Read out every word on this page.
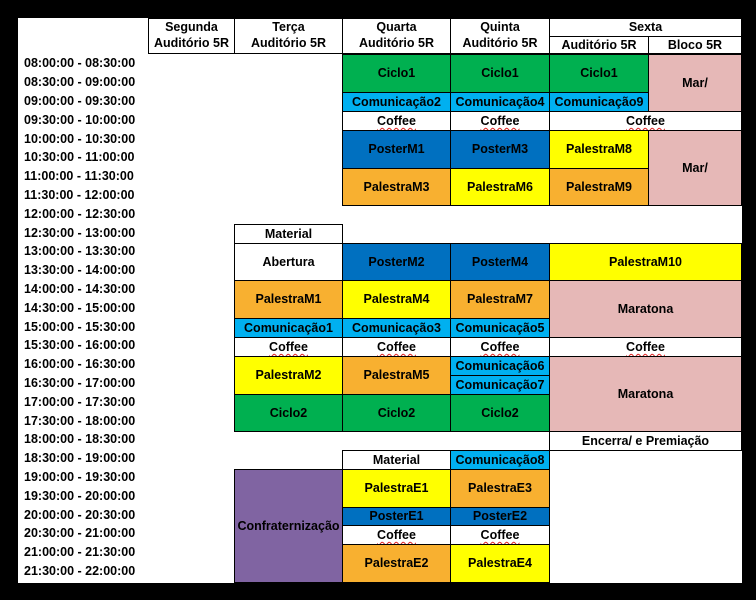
Segunda
Auditório 5R
Terça
Auditório 5R
Quarta
Auditório 5R
Quinta
Auditório 5R
Sexta
Auditório 5R	Bloco 5R
08:00:00 - 08:30:00
08:30:00 - 09:00:00
09:00:00 - 09:30:00
09:30:00 - 10:00:00
10:00:00 - 10:30:00
10:30:00 - 11:00:00
11:00:00 - 11:30:00
11:30:00 - 12:00:00
12:00:00 - 12:30:00
12:30:00 - 13:00:00
13:00:00 - 13:30:00
13:30:00 - 14:00:00
14:00:00 - 14:30:00
14:30:00 - 15:00:00
15:00:00 - 15:30:00
15:30:00 - 16:00:00
16:00:00 - 16:30:00
16:30:00 - 17:00:00
17:00:00 - 17:30:00
17:30:00 - 18:00:00
18:00:00 - 18:30:00
18:30:00 - 19:00:00
19:00:00 - 19:30:00
19:30:00 - 20:00:00
20:00:00 - 20:30:00
20:30:00 - 21:00:00
21:00:00 - 21:30:00
21:30:00 - 22:00:00
Material
Abertura
PalestraM1
Comunicação1
Coffee
PalestraM2
Ciclo2
Confraternização
Ciclo1
Comunicação2
Coffee
PosterM1
PalestraM3
PosterM2
PalestraM4
Comunicação3
Coffee
PalestraM5
Ciclo2
Material
PalestraE1
PosterE1
Coffee
PalestraE2
Ciclo1
Comunicação4
Coffee
PosterM3
PalestraM6
PosterM4
PalestraM7
Comunicação5
Coffee
Comunicação6
Comunicação7
Ciclo2
Comunicação8
PalestraE3
PosterE2
Coffee
PalestraE4
Ciclo1
Comunicação9
Mar/
Coffee
PalestraM8
PalestraM9
Mar/
PalestraM10
Maratona
Coffee
Maratona
Encerra/ e Premiação
